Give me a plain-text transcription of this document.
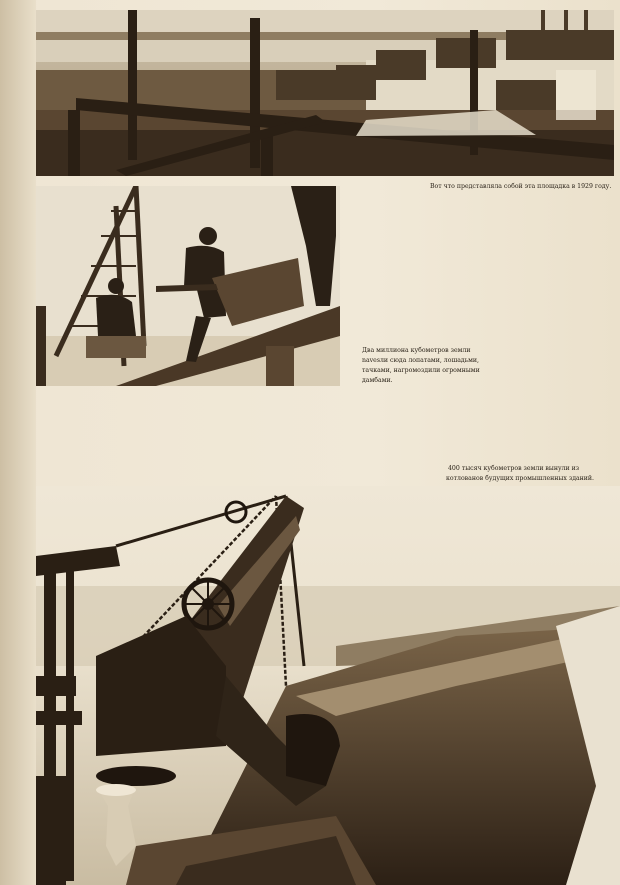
Вот что представляла собой эта площадка в 1929 году.
Два миллиона кубометров земли
navesли сюда лопатами, лошадьми,
тачками, нагромоздили огромными
дамбами.
400 тысяч кубометров земли вынули из
котлованов будущих промышленных зданий.
